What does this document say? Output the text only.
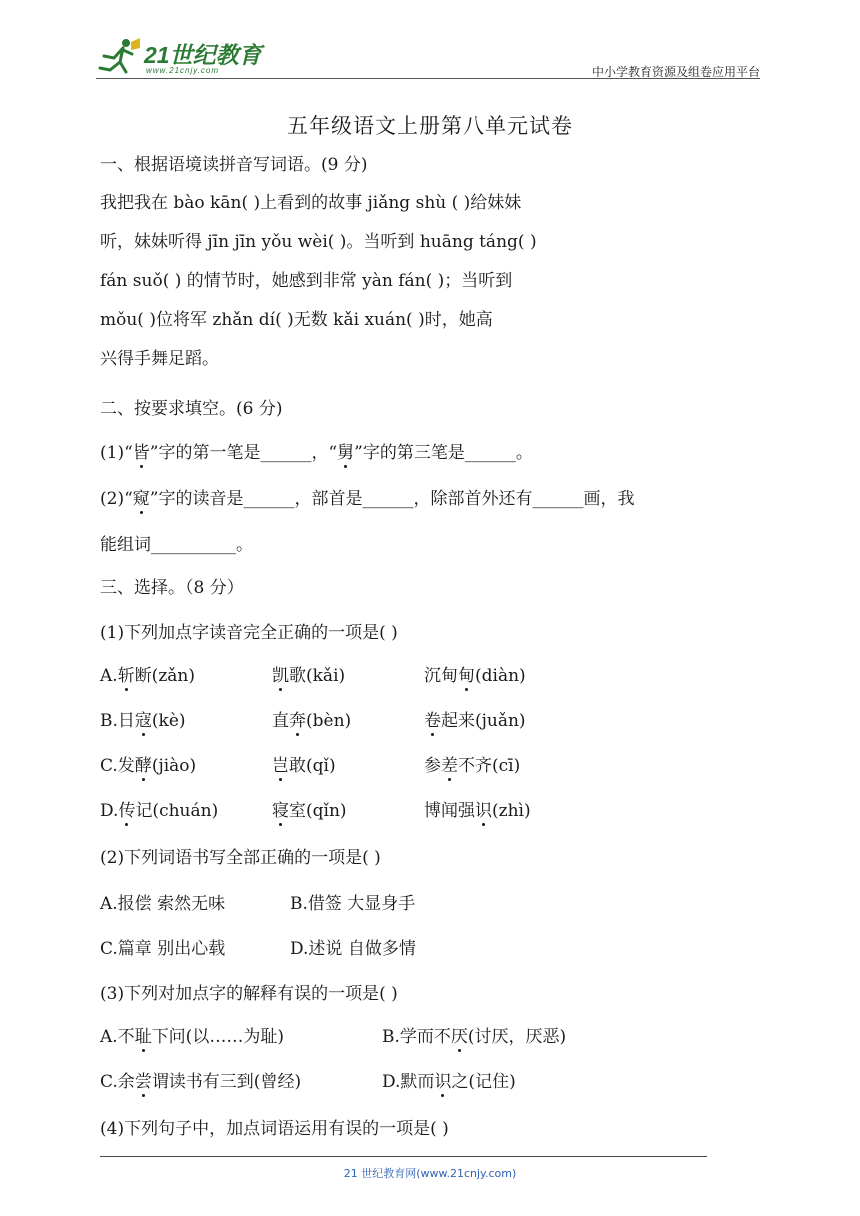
21世纪教育
www.21cnjy.com	中小学教育资源及组卷应用平台
五年级语文上册第八单元试卷
一、根据语境读拼音写词语。(9 分)
我把我在 bào kān( )上看到的故事 jiǎng shù ( )给妹妹
听，妹妹听得 jīn jīn yǒu wèi( )。当听到 huāng táng( )
fán suǒ( ) 的情节时，她感到非常 yàn fán( )；当听到
mǒu( )位将军 zhǎn dí( )无数 kǎi xuán( )时，她高
兴得手舞足蹈。
二、按要求填空。(6 分)
(1)“皆”字的第一笔是______，“舅”字的第三笔是______。
(2)“窥”字的读音是______，部首是______，除部首外还有______画，我
能组词__________。
三、选择。（8 分）
(1)下列加点字读音完全正确的一项是( )
A.斩断(zǎn)	凯歌(kǎi)	沉甸甸(diàn)
B.日寇(kè)	直奔(bèn)	卷起来(juǎn)
C.发酵(jiào)	岂敢(qǐ)	参差不齐(cī)
D.传记(chuán)	寝室(qǐn)	博闻强识(zhì)
(2)下列词语书写全部正确的一项是( )
A.报偿 索然无味	B.借签 大显身手
C.篇章 别出心载	D.述说 自做多情
(3)下列对加点字的解释有误的一项是( )
A.不耻下问(以……为耻)	B.学而不厌(讨厌，厌恶)
C.余尝谓读书有三到(曾经)	D.默而识之(记住)
(4)下列句子中，加点词语运用有误的一项是( )
21 世纪教育网(www.21cnjy.com)
